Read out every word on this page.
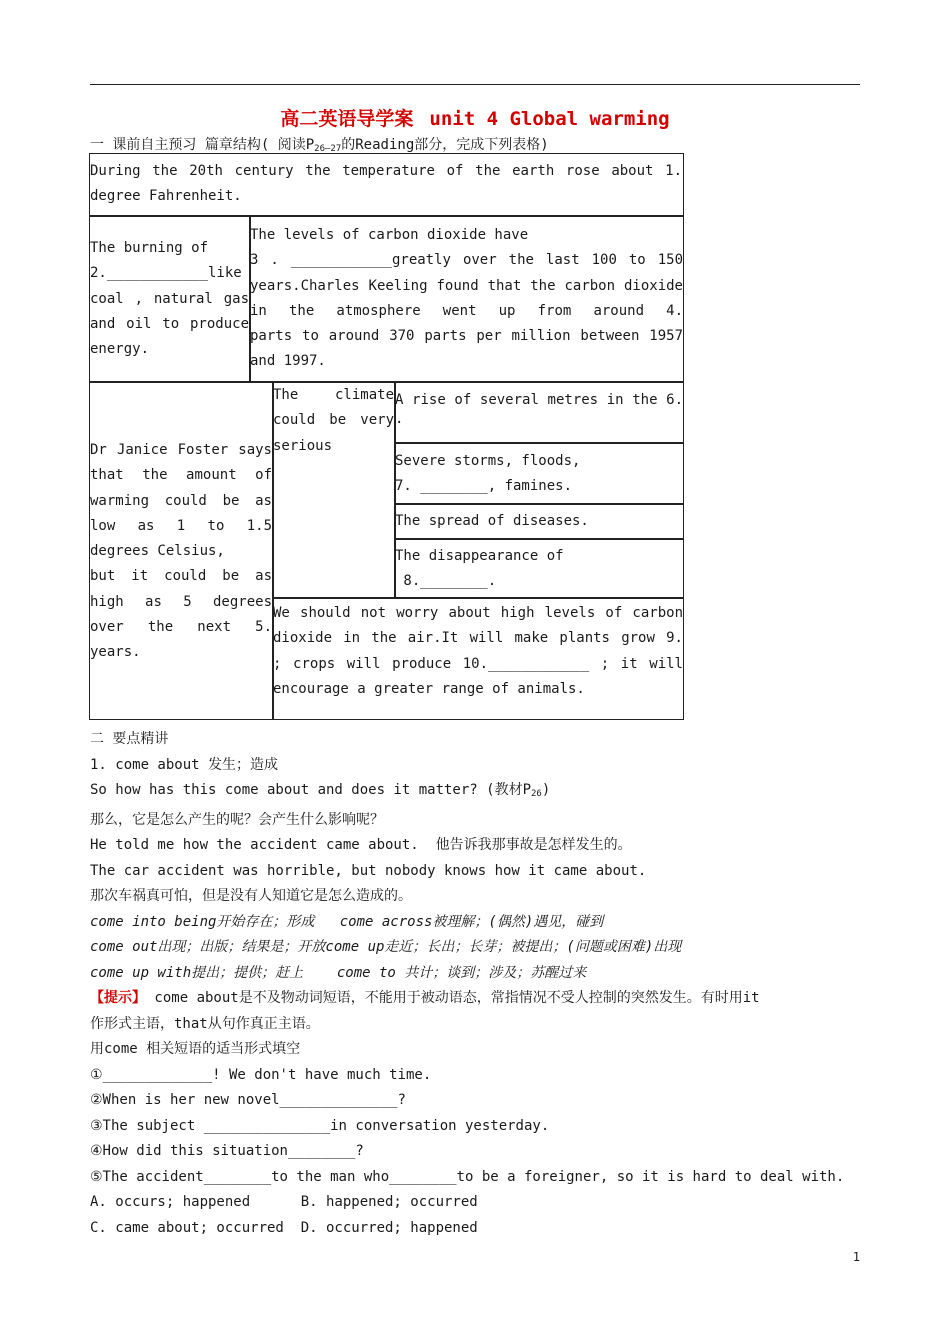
高二英语导学案 unit 4 Global warming
一 课前自主预习 篇章结构( 阅读$P_{26—27}$的Reading部分，完成下列表格)
During the 20th century the temperature of the earth rose about 1.
degree Fahrenheit.
The burning of
2.____________like
coal , natural gas
and oil to produce
energy.
The levels of carbon dioxide have
3 . ____________greatly over the last 100 to 150
years.Charles Keeling found that the carbon dioxide
in the atmosphere went up from around 4.
parts to around 370 parts per million between 1957
and 1997.
Dr Janice Foster says
that the amount of
warming could be as
low as 1 to 1.5
degrees Celsius,
but it could be as
high as 5 degrees
over the next 5.
years.
The climate
could be very
serious
A rise of several metres in the 6.
.
Severe storms, floods,
7. ________, famines.
The spread of diseases.
The disappearance of
8.________.
We should not worry about high levels of carbon
dioxide in the air.It will make plants grow 9.
; crops will produce 10.____________ ; it will
encourage a greater range of animals.
二 要点精讲
1. come about 发生；造成
So how has this come about and does it matter? (教材$P_{26}$)
那么，它是怎么产生的呢？会产生什么影响呢？
He told me how the accident came about.  他告诉我那事故是怎样发生的。
The car accident was horrible, but nobody knows how it came about.
那次车祸真可怕，但是没有人知道它是怎么造成的。
come into being开始存在；形成   come across被理解；(偶然)遇见，碰到
come out出现；出版；结果是；开放come up走近；长出；长芽；被提出；(问题或困难)出现
come up with提出；提供；赶上    come to 共计；谈到；涉及；苏醒过来
【提示】 come about是不及物动词短语，不能用于被动语态，常指情况不受人控制的突然发生。有时用it
作形式主语，that从句作真正主语。
用come 相关短语的适当形式填空
①_____________! We don't have much time.
②When is her new novel______________?
③The subject _______________in conversation yesterday.
④How did this situation________?
⑤The accident________to the man who________to be a foreigner, so it is hard to deal with.
A. occurs; happened      B. happened; occurred
C. came about; occurred  D. occurred; happened
1
